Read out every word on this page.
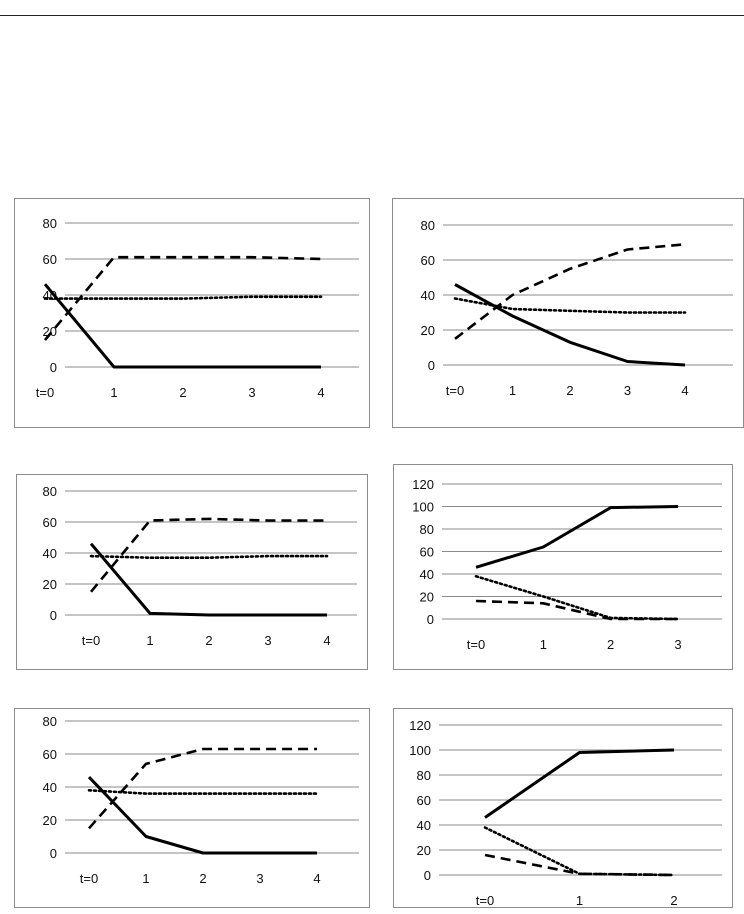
0
20
40
60
80
t=0	1	2	3	4
0
20
40
60
80
t=0	1	2	3	4
0
20
40
60
80
t=0	1	2	3	4
0
20
40
60
80
100
120
t=0	1	2	3
0
20
40
60
80
t=0	1	2	3	4	0
20
40
60
80
100
120
t=0	1	2
